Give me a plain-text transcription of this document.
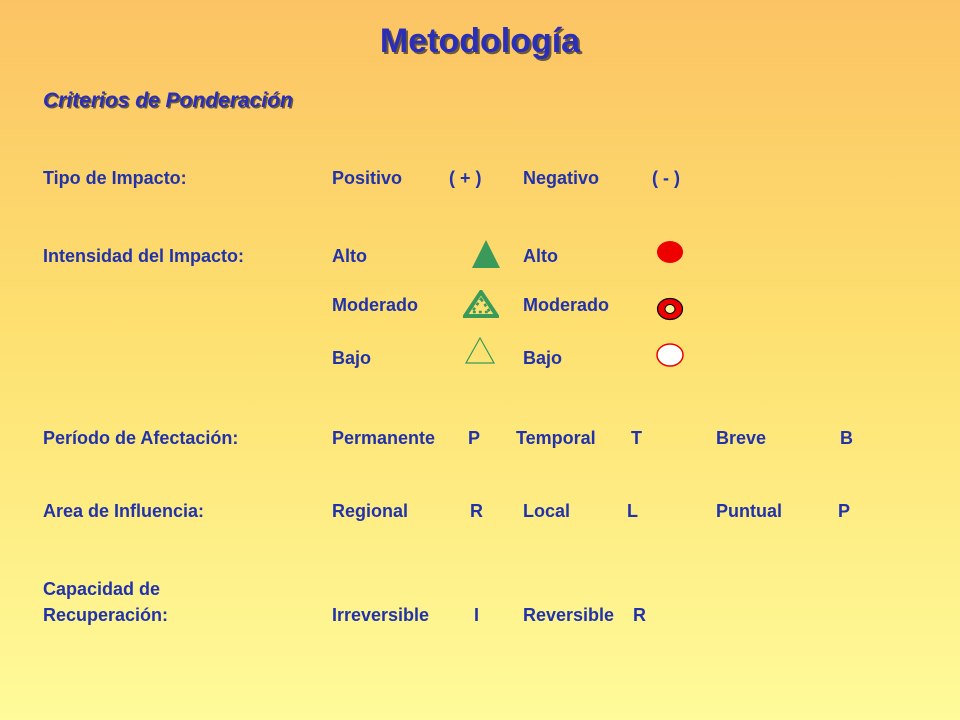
Metodología
Criterios de Ponderación
Tipo de Impacto:	Positivo	( + ) Negativo	( - )
Intensidad del Impacto:	Alto	Alto
Moderado	Moderado
Bajo	Bajo
Período de Afectación:	Permanente P Temporal T	Breve	B
Area de Influencia:	Regional	R Local	L	Puntual	P
Capacidad de
Recuperación:	Irreversible I Reversible R
